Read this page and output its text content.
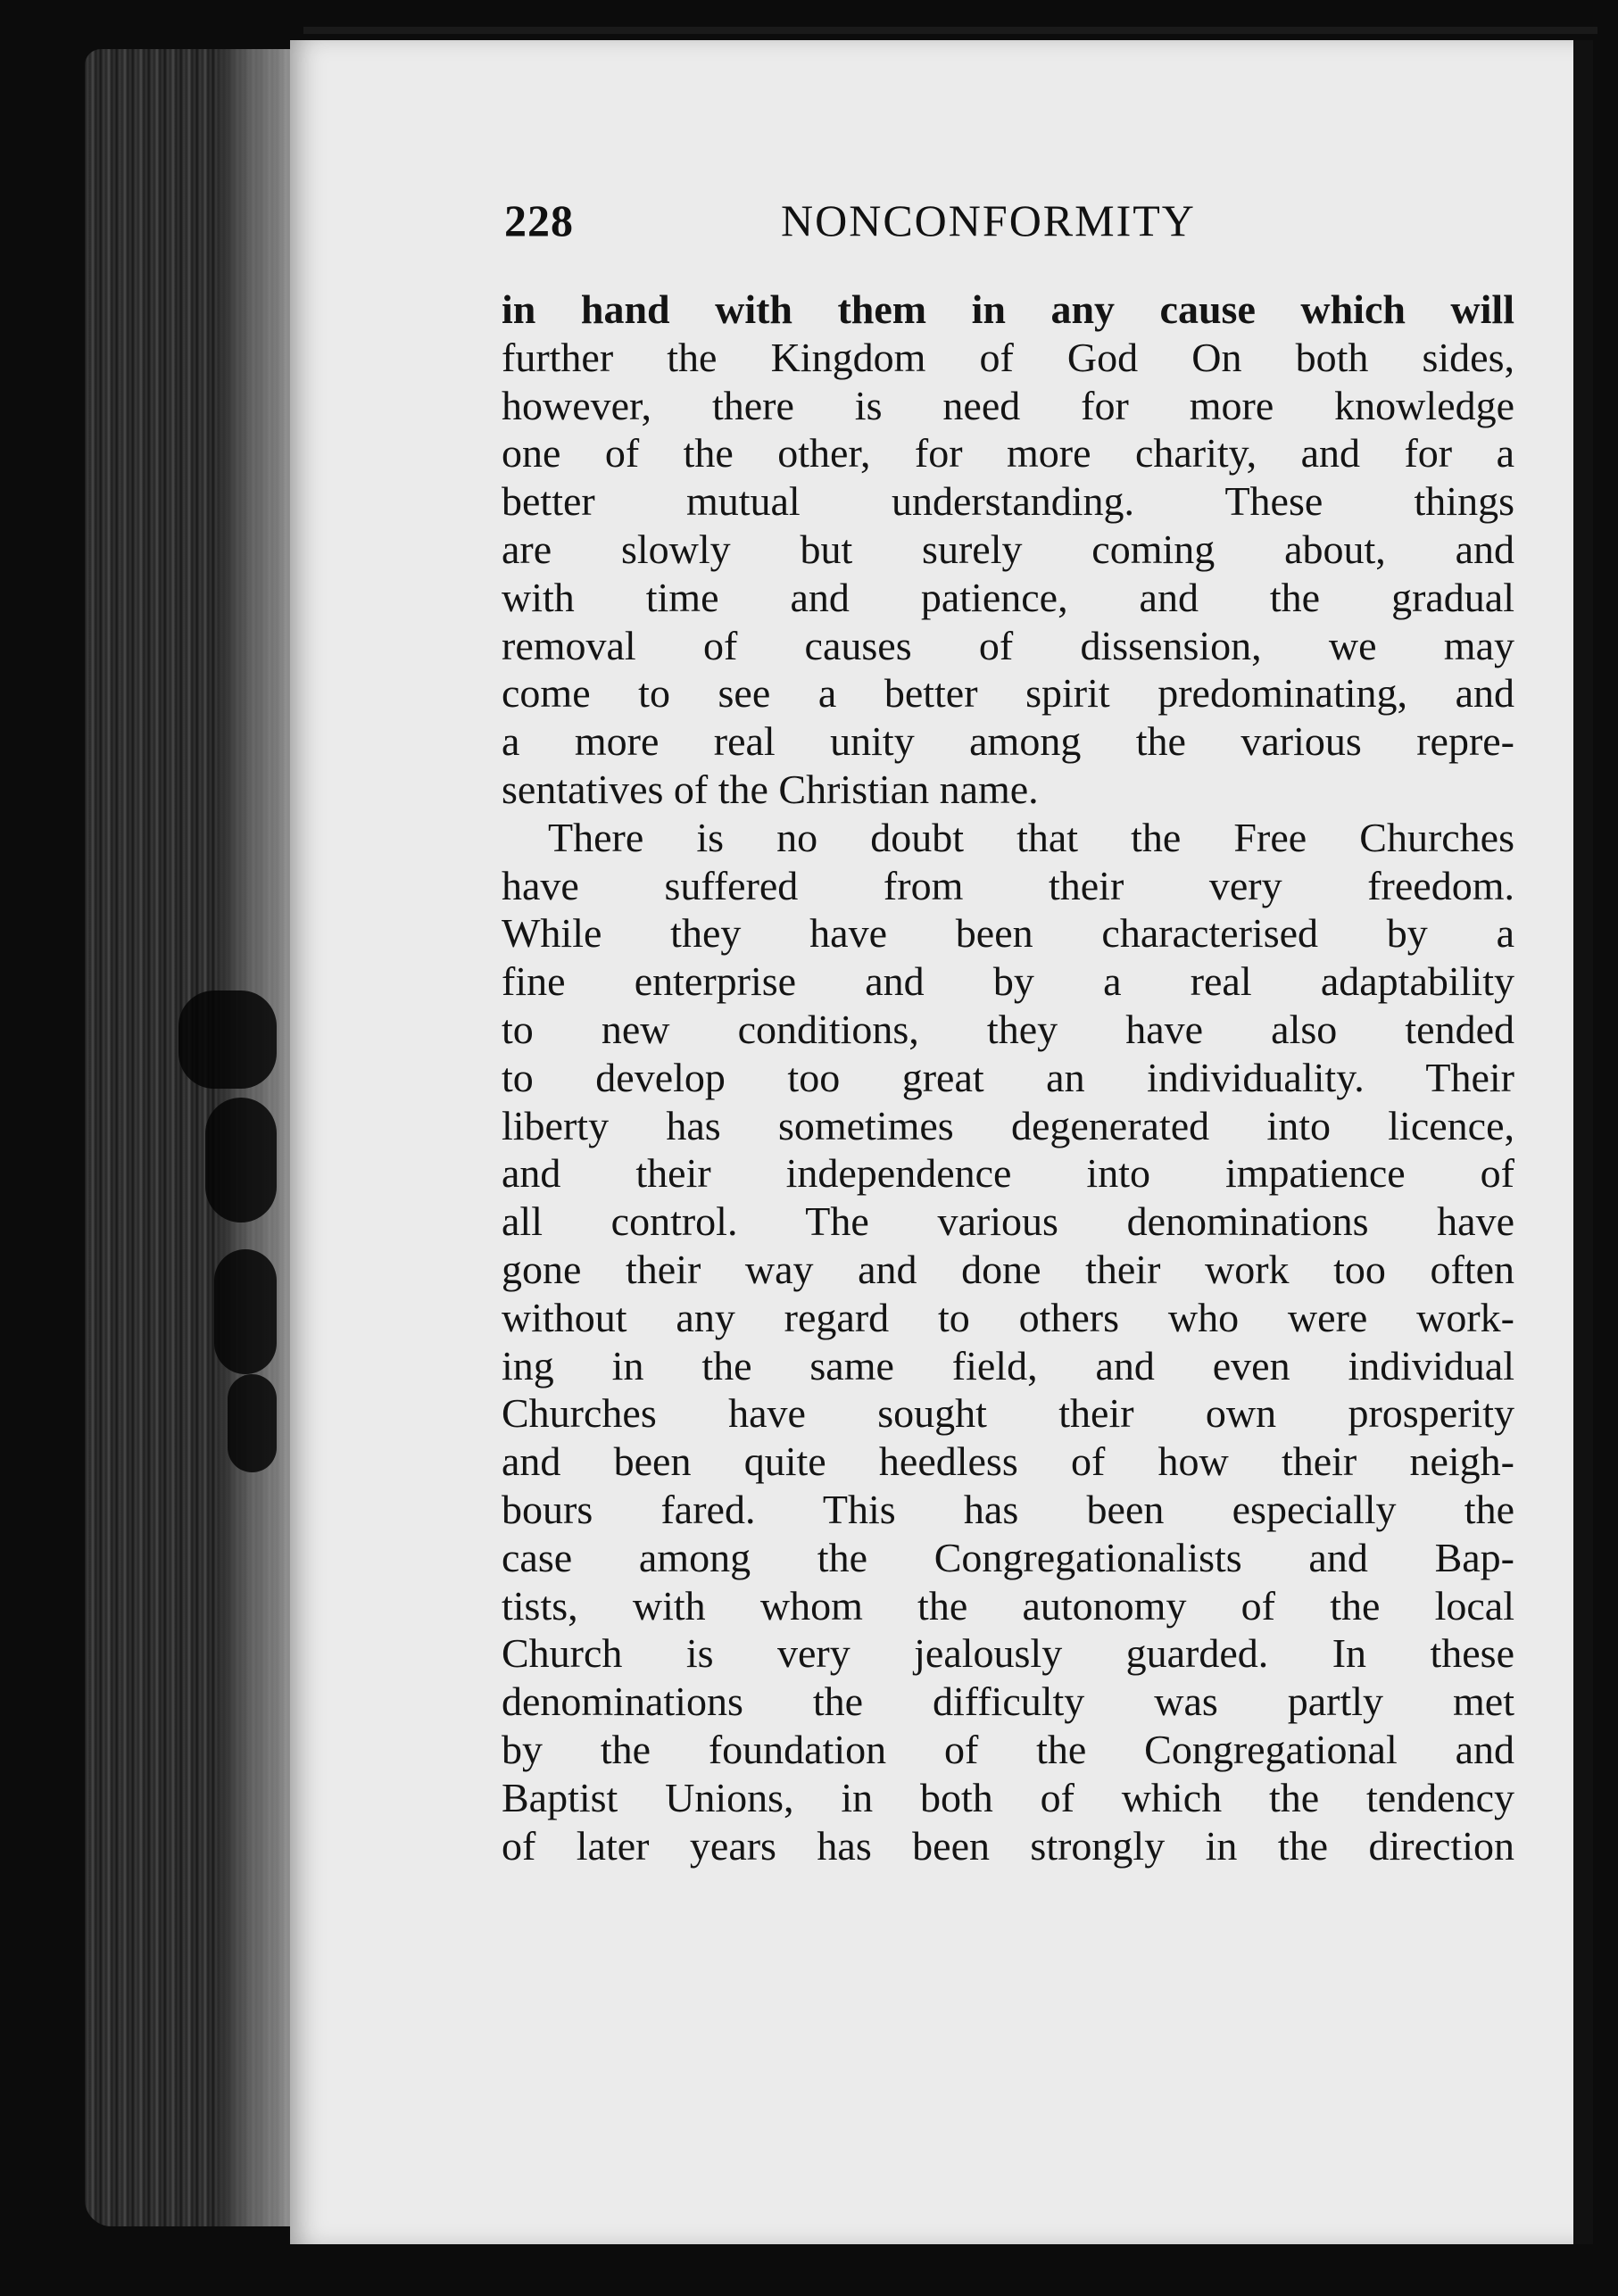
228	NONCONFORMITY
in hand with them in any cause which will
further the Kingdom of God On both sides,
however, there is need for more knowledge
one of the other, for more charity, and for a
better mutual understanding. These things
are slowly but surely coming about, and
with time and patience, and the gradual
removal of causes of dissension, we may
come to see a better spirit predominating, and
a more real unity among the various repre-
sentatives of the Christian name.
There is no doubt that the Free Churches
have suffered from their very freedom.
While they have been characterised by a
fine enterprise and by a real adaptability
to new conditions, they have also tended
to develop too great an individuality. Their
liberty has sometimes degenerated into licence,
and their independence into impatience of
all control. The various denominations have
gone their way and done their work too often
without any regard to others who were work-
ing in the same field, and even individual
Churches have sought their own prosperity
and been quite heedless of how their neigh-
bours fared. This has been especially the
case among the Congregationalists and Bap-
tists, with whom the autonomy of the local
Church is very jealously guarded. In these
denominations the difficulty was partly met
by the foundation of the Congregational and
Baptist Unions, in both of which the tendency
of later years has been strongly in the direction
